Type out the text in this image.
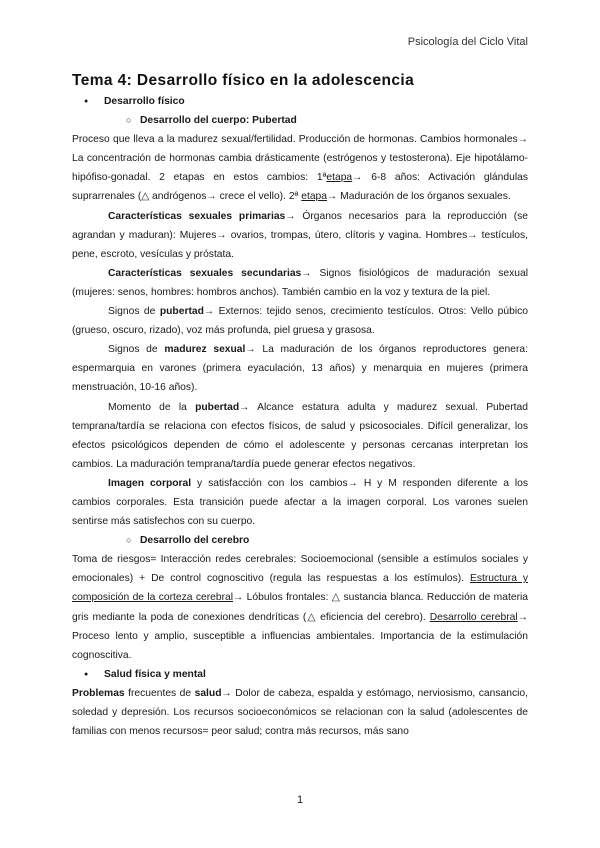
Psicología del Ciclo Vital
Tema 4: Desarrollo físico en la adolescencia
● Desarrollo físico
○ Desarrollo del cuerpo: Pubertad

Proceso que lleva a la madurez sexual/fertilidad. Producción de hormonas. Cambios hormonales→ La concentración de hormonas cambia drásticamente (estrógenos y testosterona). Eje hipotálamo-hipófiso-gonadal. 2 etapas en estos cambios: 1ªetapa→ 6-8 años: Activación glándulas suprarrenales (△ andrógenos→ crece el vello). 2ª etapa→ Maduración de los órganos sexuales.

Características sexuales primarias→ Órganos necesarios para la reproducción (se agrandan y maduran): Mujeres→ ovarios, trompas, útero, clítoris y vagina. Hombres→ testículos, pene, escroto, vesículas y próstata.

Características sexuales secundarias→ Signos fisiológicos de maduración sexual (mujeres: senos, hombres: hombros anchos). También cambio en la voz y textura de la piel.

Signos de pubertad→ Externos: tejido senos, crecimiento testículos. Otros: Vello púbico (grueso, oscuro, rizado), voz más profunda, piel gruesa y grasosa.

Signos de madurez sexual→ La maduración de los órganos reproductores genera: espermarquia en varones (primera eyaculación, 13 años) y menarquia en mujeres (primera menstruación, 10-16 años).

Momento de la pubertad→ Alcance estatura adulta y madurez sexual. Pubertad temprana/tardía se relaciona con efectos físicos, de salud y psicosociales. Difícil generalizar, los efectos psicológicos dependen de cómo el adolescente y personas cercanas interpretan los cambios. La maduración temprana/tardía puede generar efectos negativos.

Imagen corporal y satisfacción con los cambios→ H y M responden diferente a los cambios corporales. Esta transición puede afectar a la imagen corporal. Los varones suelen sentirse más satisfechos con su cuerpo.

○ Desarrollo del cerebro

Toma de riesgos= Interacción redes cerebrales: Socioemocional (sensible a estímulos sociales y emocionales) + De control cognoscitivo (regula las respuestas a los estímulos). Estructura y composición de la corteza cerebral→ Lóbulos frontales: △ sustancia blanca. Reducción de materia gris mediante la poda de conexiones dendríticas (△ eficiencia del cerebro). Desarrollo cerebral→ Proceso lento y amplio, susceptible a influencias ambientales. Importancia de la estimulación cognoscitiva.

● Salud física y mental

Problemas frecuentes de salud→ Dolor de cabeza, espalda y estómago, nerviosismo, cansancio, soledad y depresión. Los recursos socioeconómicos se relacionan con la salud (adolescentes de familias con menos recursos= peor salud; contra más recursos, más sano

1
